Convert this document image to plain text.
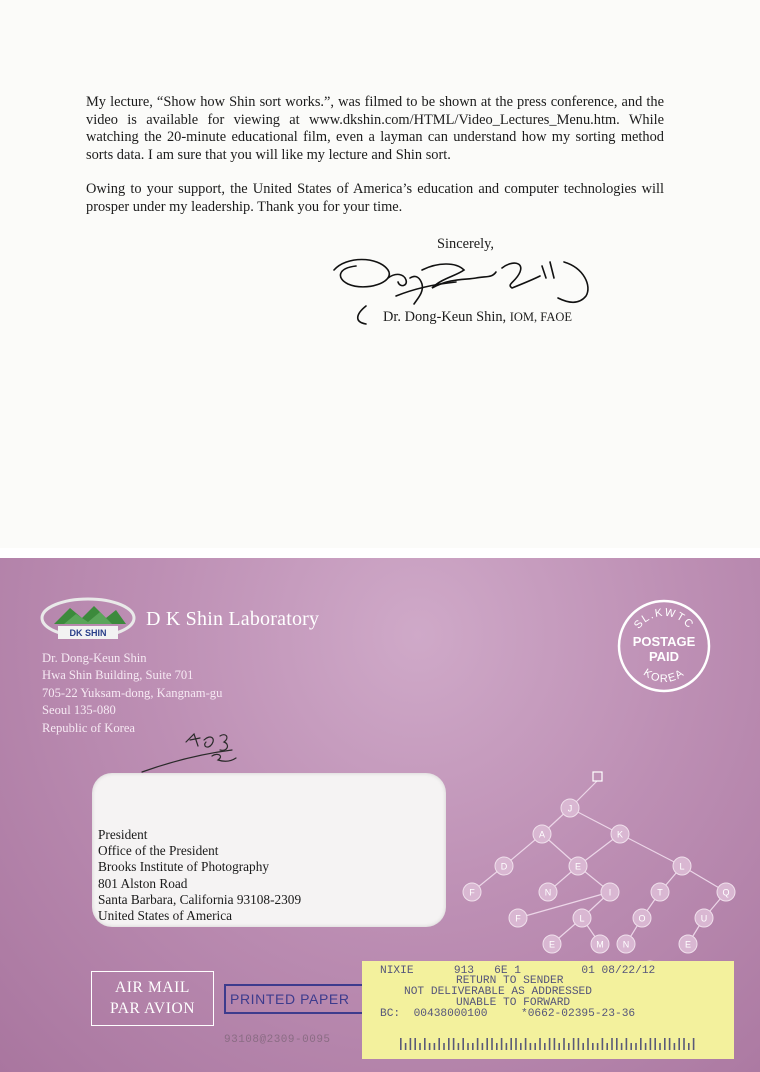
My lecture, “Show how Shin sort works.”, was filmed to be shown at the press conference, and the video is available for viewing at www.dkshin.com/HTML/Video_Lectures_Menu.htm. While watching the 20-minute educational film, even a layman can understand how my sorting method sorts data. I am sure that you will like my lecture and Shin sort.

Owing to your support, the United States of America’s education and computer technologies will prosper under my leadership. Thank you for your time.

Sincerely,
Dr. Dong-Keun Shin, IOM, FAOE
DK SHIN
D K Shin Laboratory
Dr. Dong-Keun Shin
Hwa Shin Building, Suite 701
705-22 Yuksam-dong, Kangnam-gu
Seoul 135-080
Republic of Korea
SL.KWTC
POSTAGE
PAID
KOREA
President
Office of the President
Brooks Institute of Photography
801 Alston Road
Santa Barbara, California 93108-2309
United States of America
J
A	K
D	E	L
F	N	I	T	Q
F	L	O	U
E	M N	E
AIR MAIL
PAR AVION
PRINTED PAPER
93108@2309-0095
NIXIE      913   6E 1         01 08/22/12
RETURN TO SENDER
NOT DELIVERABLE AS ADDRESSED
UNABLE TO FORWARD
BC:  00438000100     *0662-02395-23-36
